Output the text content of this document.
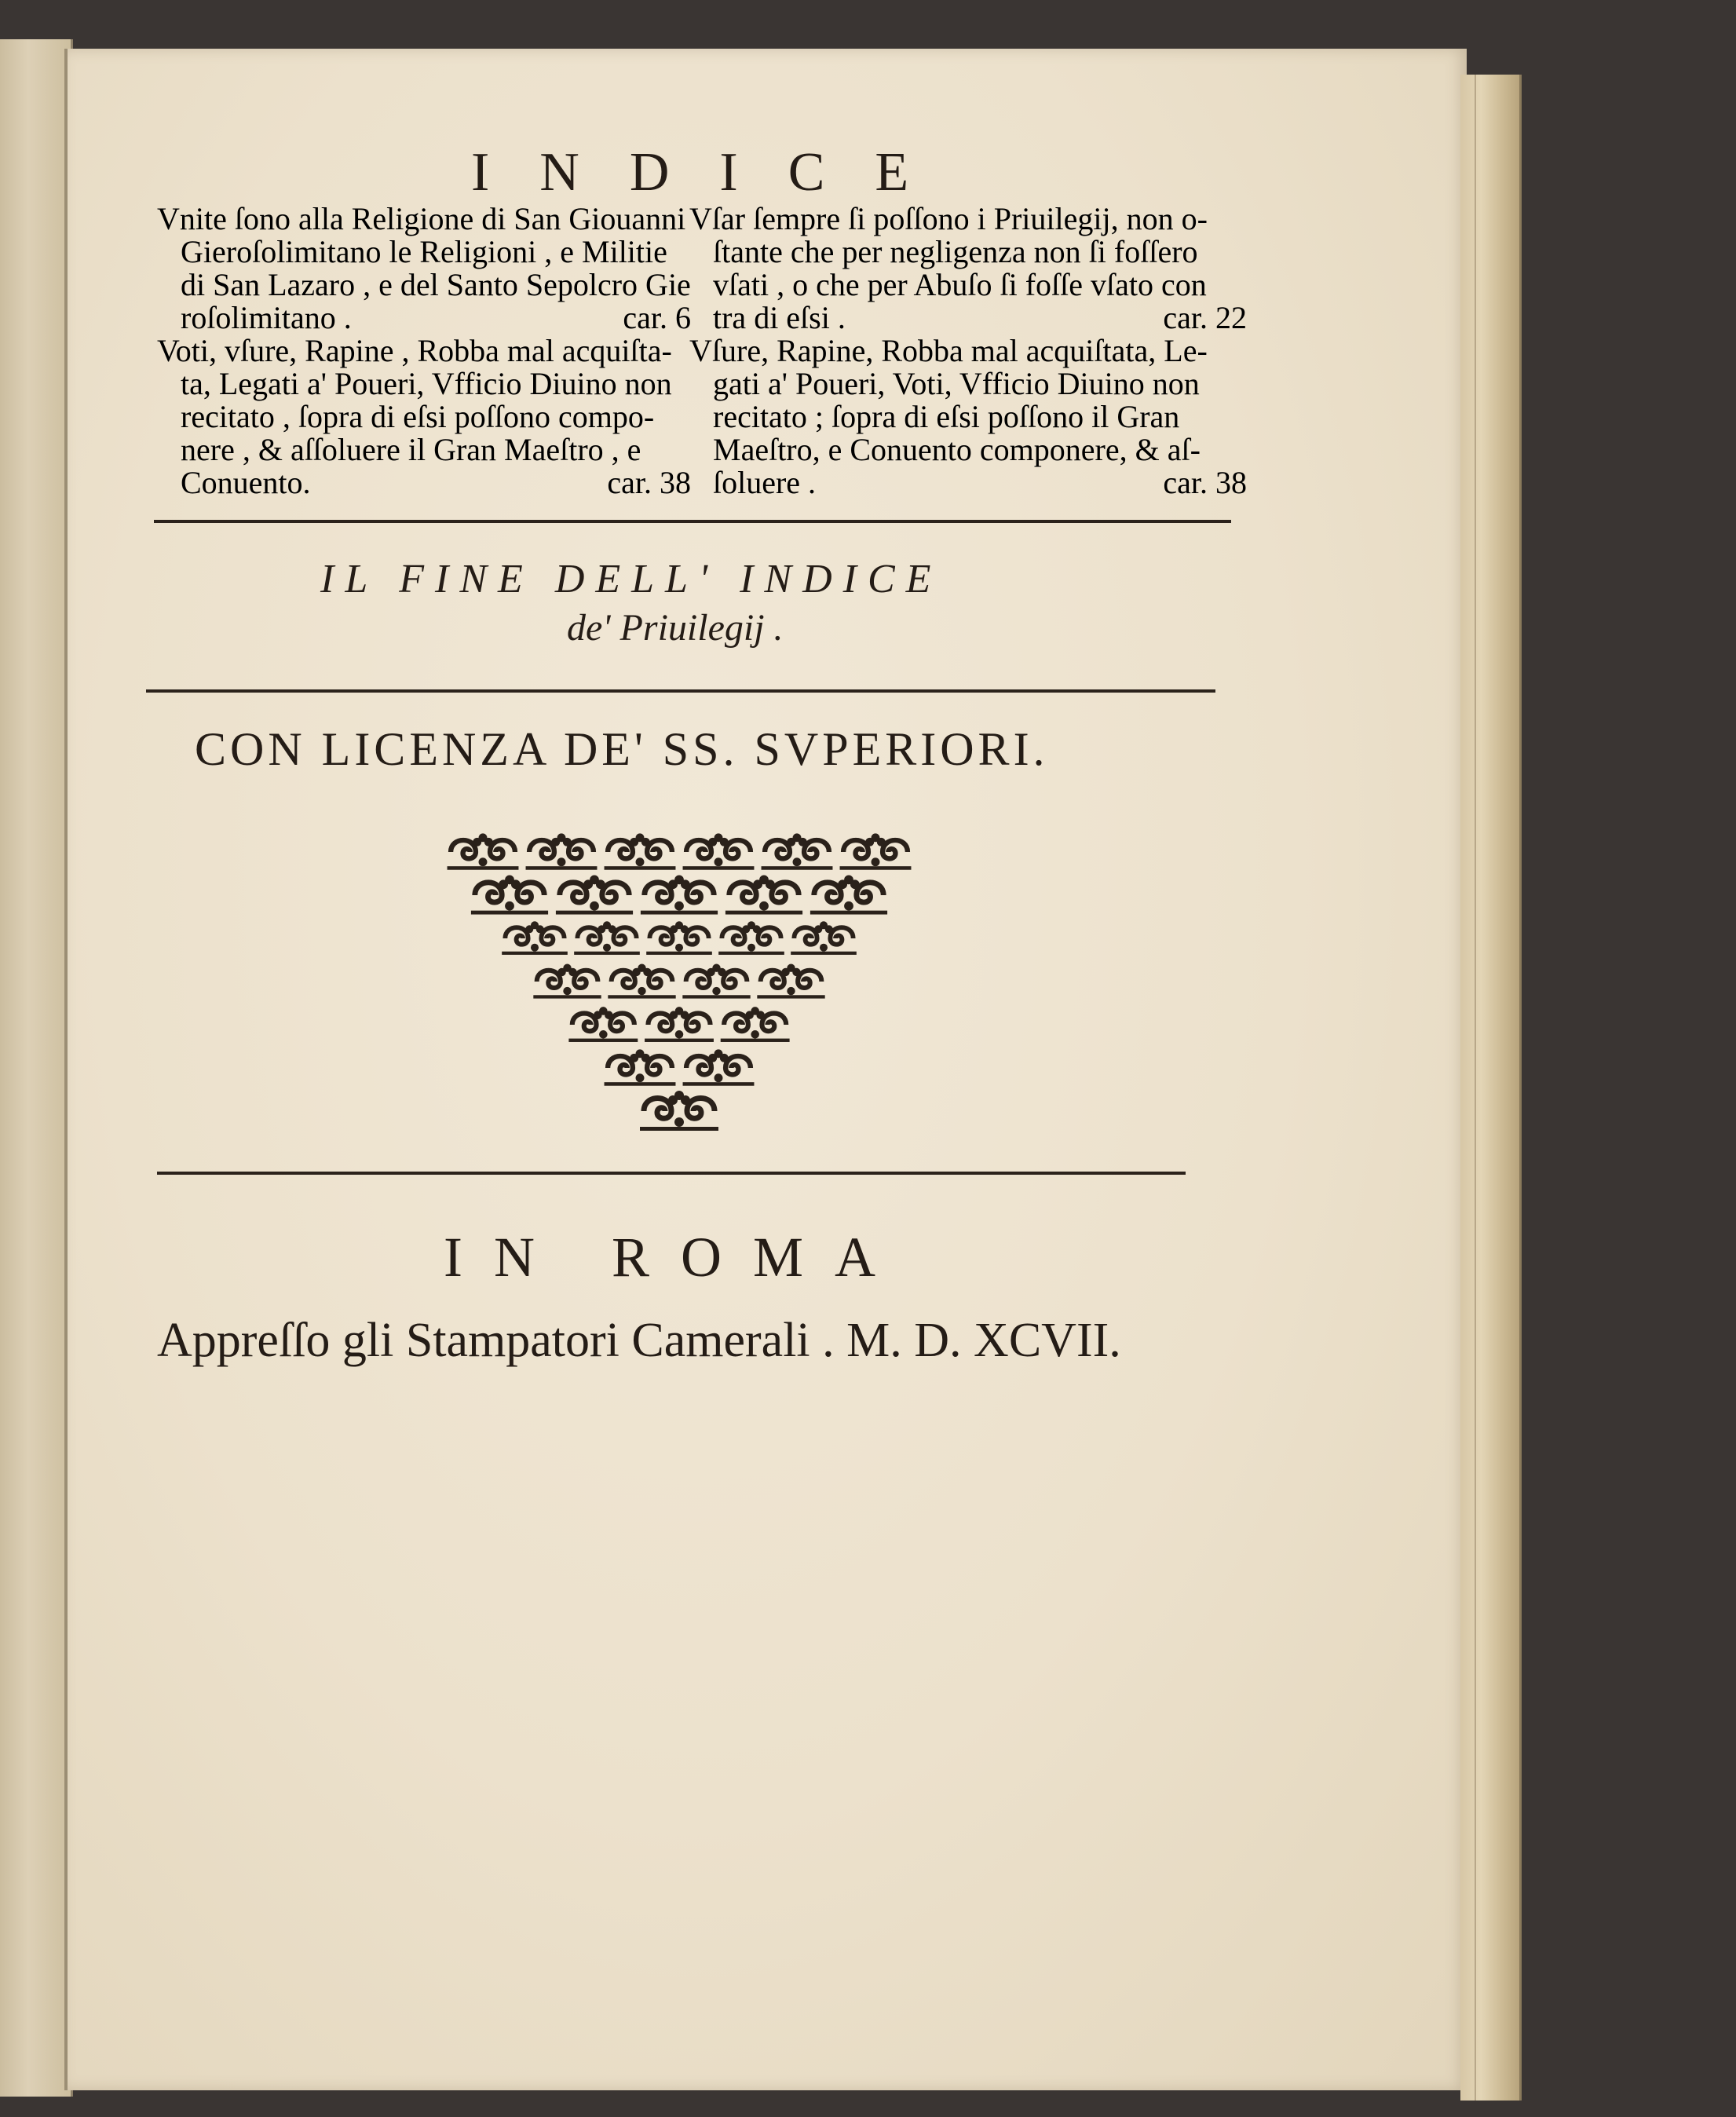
INDICE
Vnite ſono alla Religione di San Giouanni
Gieroſolimitano le Religioni , e Militie
di San Lazaro , e del Santo Sepolcro Gie
roſolimitano .	car. 6
Voti, vſure, Rapine , Robba mal acquiſta-
ta, Legati a' Poueri, Vfficio Diuino non
recitato , ſopra di eſsi poſſono compo-
nere , & aſſoluere il Gran Maeſtro , e
Conuento.	car. 38
Vſar ſempre ſi poſſono i Priuilegij, non o-
ſtante che per negligenza non ſi foſſero
vſati , o che per Abuſo ſi foſſe vſato con
tra di eſsi .	car. 22
Vſure, Rapine, Robba mal acquiſtata, Le-
gati a' Poueri, Voti, Vfficio Diuino non
recitato ; ſopra di eſsi poſſono il Gran
Maeſtro, e Conuento componere, & aſ-
ſoluere .	car. 38
IL FINE DELL' INDICE
de' Priuilegij .
CON LICENZA DE' SS. SVPERIORI.
IN ROMA
Appreſſo gli Stampatori Camerali . M. D. XCVII.
